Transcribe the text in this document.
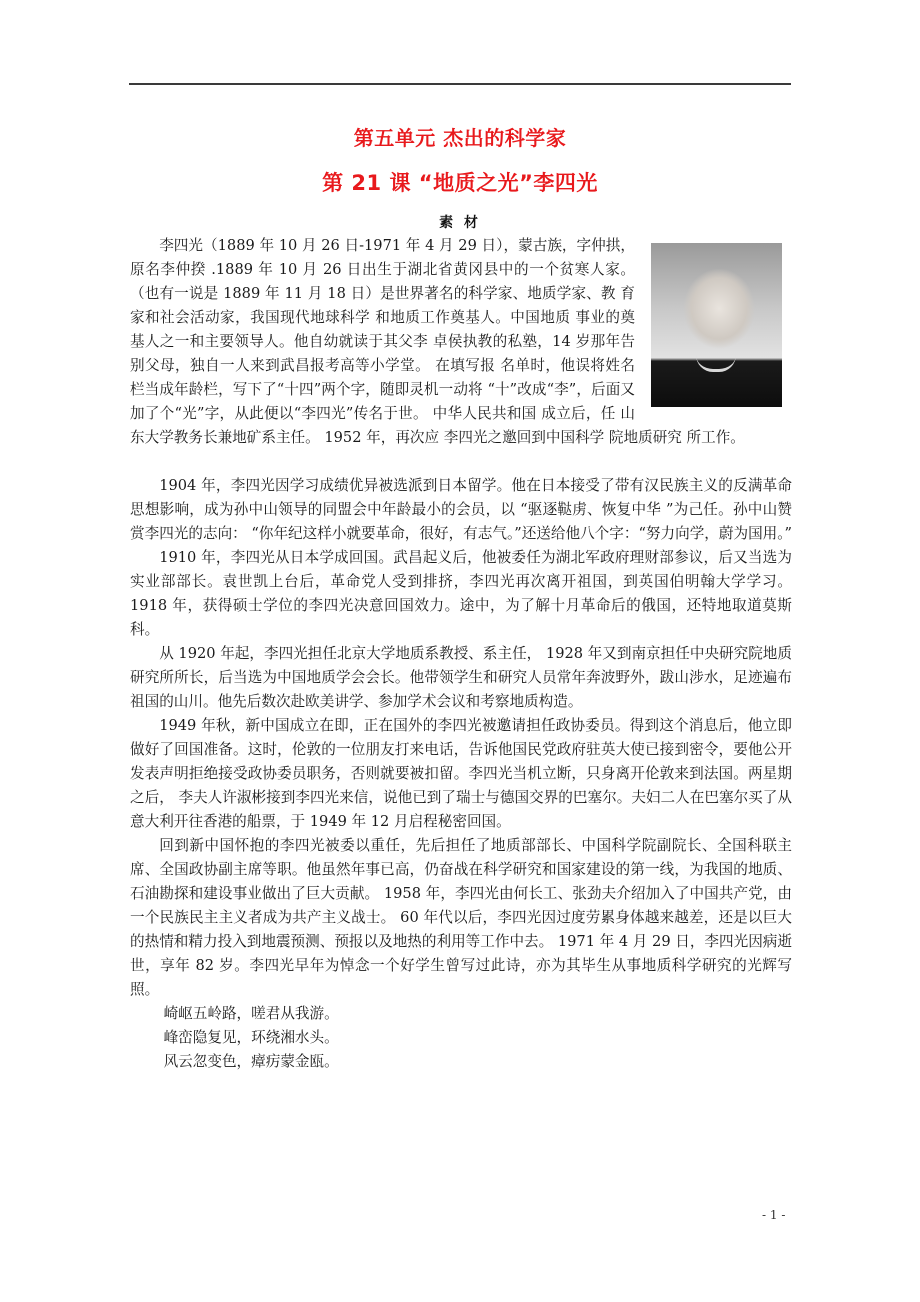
第五单元 杰出的科学家
第 21 课 “地质之光”李四光
素 材

李四光（1889 年 10 月 26 日-1971 年 4 月 29 日），蒙古族，字仲拱，原名李仲揆 .1889 年 10 月 26 日出生于湖北省黄冈县中的一个贫寒人家。（也有一说是 1889 年 11 月 18 日）是世界著名的科学家、地质学家、教 育家和社会活动家，我国现代地球科学 和地质工作奠基人。中国地质 事业的奠基人之一和主要领导人。他自幼就读于其父李 卓侯执教的私塾，14 岁那年告别父母，独自一人来到武昌报考高等小学堂。 在填写报 名单时，他误将姓名栏当成年龄栏，写下了“十四”两个字，随即灵机一动将 “十”改成“李”，后面又加了个“光”字，从此便以“李四光”传名于世。 中华人民共和国 成立后，任 山东大学教务长兼地矿系主任。 1952 年，再次应 李四光之邀回到中国科学 院地质研究 所工作。

1904 年，李四光因学习成绩优异被选派到日本留学。他在日本接受了带有汉民族主义的反满革命思想影响，成为孙中山领导的同盟会中年龄最小的会员，以 “驱逐鞑虏、恢复中华 ”为己任。孙中山赞赏李四光的志向： “你年纪这样小就要革命，很好，有志气。”还送给他八个字：“努力向学，蔚为国用。”

1910 年，李四光从日本学成回国。武昌起义后，他被委任为湖北军政府理财部参议，后又当选为实业部部长。袁世凯上台后，革命党人受到排挤，李四光再次离开祖国，到英国伯明翰大学学习。 1918 年，获得硕士学位的李四光决意回国效力。途中，为了解十月革命后的俄国，还特地取道莫斯科。

从 1920 年起，李四光担任北京大学地质系教授、系主任， 1928 年又到南京担任中央研究院地质研究所所长，后当选为中国地质学会会长。他带领学生和研究人员常年奔波野外，跋山涉水，足迹遍布祖国的山川。他先后数次赴欧美讲学、参加学术会议和考察地质构造。

1949 年秋，新中国成立在即，正在国外的李四光被邀请担任政协委员。得到这个消息后，他立即做好了回国准备。这时，伦敦的一位朋友打来电话，告诉他国民党政府驻英大使已接到密令，要他公开发表声明拒绝接受政协委员职务，否则就要被扣留。李四光当机立断，只身离开伦敦来到法国。两星期之后， 李夫人许淑彬接到李四光来信，说他已到了瑞士与德国交界的巴塞尔。夫妇二人在巴塞尔买了从意大利开往香港的船票，于 1949 年 12 月启程秘密回国。

回到新中国怀抱的李四光被委以重任，先后担任了地质部部长、中国科学院副院长、全国科联主席、全国政协副主席等职。他虽然年事已高，仍奋战在科学研究和国家建设的第一线，为我国的地质、石油勘探和建设事业做出了巨大贡献。 1958 年，李四光由何长工、张劲夫介绍加入了中国共产党，由一个民族民主主义者成为共产主义战士。 60 年代以后，李四光因过度劳累身体越来越差，还是以巨大的热情和精力投入到地震预测、预报以及地热的利用等工作中去。 1971 年 4 月 29 日，李四光因病逝世，享年 82 岁。李四光早年为悼念一个好学生曾写过此诗，亦为其毕生从事地质科学研究的光辉写照。

崎岖五岭路，嗟君从我游。

峰峦隐复见，环绕湘水头。

风云忽变色，瘴疠蒙金瓯。

- 1 -
